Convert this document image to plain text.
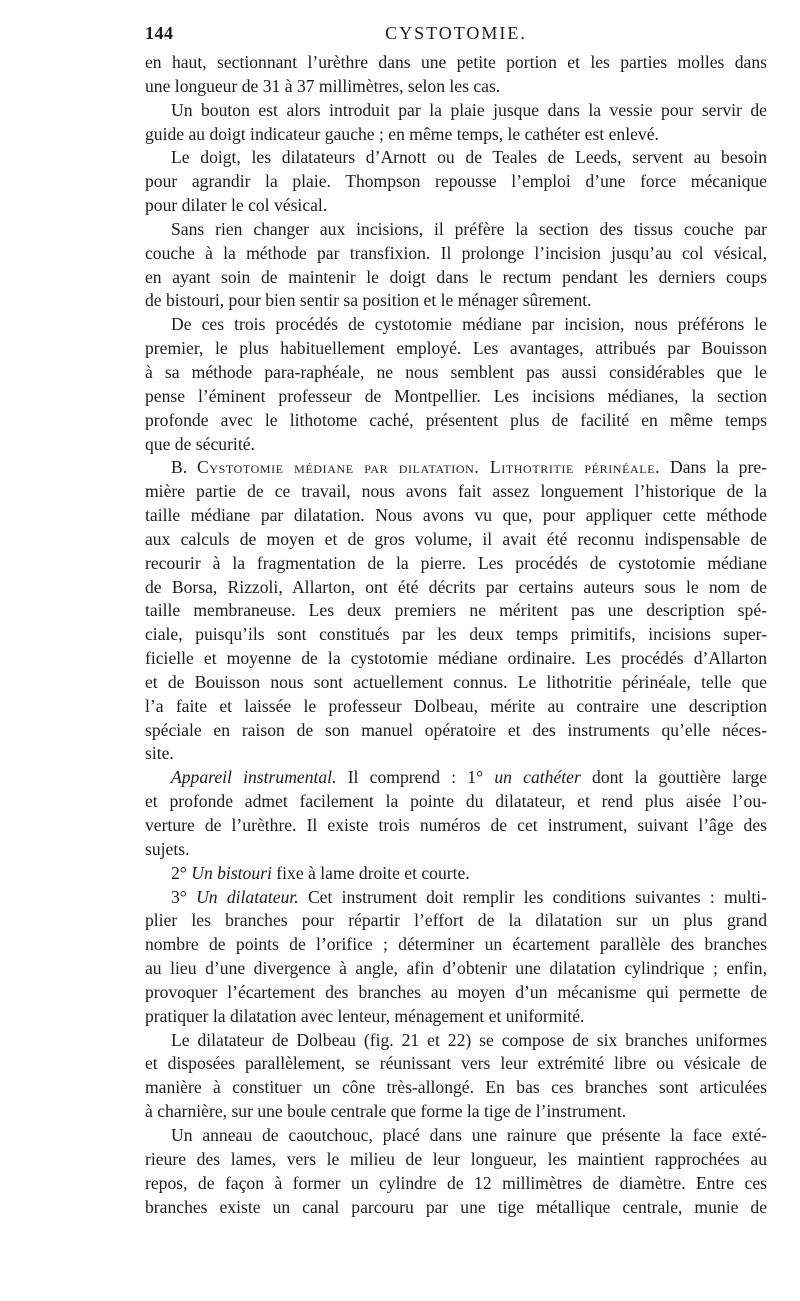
144	CYSTOTOMIE.
en haut, sectionnant l’urèthre dans une petite portion et les parties molles dans
une longueur de 31 à 37 millimètres, selon les cas.
Un bouton est alors introduit par la plaie jusque dans la vessie pour servir de
guide au doigt indicateur gauche ; en même temps, le cathéter est enlevé.
Le doigt, les dilatateurs d’Arnott ou de Teales de Leeds, servent au besoin
pour agrandir la plaie. Thompson repousse l’emploi d’une force mécanique
pour dilater le col vésical.
Sans rien changer aux incisions, il préfère la section des tissus couche par
couche à la méthode par transfixion. Il prolonge l’incision jusqu’au col vésical,
en ayant soin de maintenir le doigt dans le rectum pendant les derniers coups
de bistouri, pour bien sentir sa position et le ménager sûrement.
De ces trois procédés de cystotomie médiane par incision, nous préférons le
premier, le plus habituellement employé. Les avantages, attribués par Bouisson
à sa méthode para-raphéale, ne nous semblent pas aussi considérables que le
pense l’éminent professeur de Montpellier. Les incisions médianes, la section
profonde avec le lithotome caché, présentent plus de facilité en même temps
que de sécurité.
B. Cystotomie médiane par dilatation. Lithotritie périnéale. Dans la pre-
mière partie de ce travail, nous avons fait assez longuement l’historique de la
taille médiane par dilatation. Nous avons vu que, pour appliquer cette méthode
aux calculs de moyen et de gros volume, il avait été reconnu indispensable de
recourir à la fragmentation de la pierre. Les procédés de cystotomie médiane
de Borsa, Rizzoli, Allarton, ont été décrits par certains auteurs sous le nom de
taille membraneuse. Les deux premiers ne méritent pas une description spé-
ciale, puisqu’ils sont constitués par les deux temps primitifs, incisions super-
ficielle et moyenne de la cystotomie médiane ordinaire. Les procédés d’Allarton
et de Bouisson nous sont actuellement connus. Le lithotritie périnéale, telle que
l’a faite et laissée le professeur Dolbeau, mérite au contraire une description
spéciale en raison de son manuel opératoire et des instruments qu’elle néces-
site.
Appareil instrumental. Il comprend : 1° un cathéter dont la gouttière large
et profonde admet facilement la pointe du dilatateur, et rend plus aisée l’ou-
verture de l’urèthre. Il existe trois numéros de cet instrument, suivant l’âge des
sujets.
2° Un bistouri fixe à lame droite et courte.
3° Un dilatateur. Cet instrument doit remplir les conditions suivantes : multi-
plier les branches pour répartir l’effort de la dilatation sur un plus grand
nombre de points de l’orifice ; déterminer un écartement parallèle des branches
au lieu d’une divergence à angle, afin d’obtenir une dilatation cylindrique ; enfin,
provoquer l’écartement des branches au moyen d’un mécanisme qui permette de
pratiquer la dilatation avec lenteur, ménagement et uniformité.
Le dilatateur de Dolbeau (fig. 21 et 22) se compose de six branches uniformes
et disposées parallèlement, se réunissant vers leur extrémité libre ou vésicale de
manière à constituer un cône très-allongé. En bas ces branches sont articulées
à charnière, sur une boule centrale que forme la tige de l’instrument.
Un anneau de caoutchouc, placé dans une rainure que présente la face exté-
rieure des lames, vers le milieu de leur longueur, les maintient rapprochées au
repos, de façon à former un cylindre de 12 millimètres de diamètre. Entre ces
branches existe un canal parcouru par une tige métallique centrale, munie de
